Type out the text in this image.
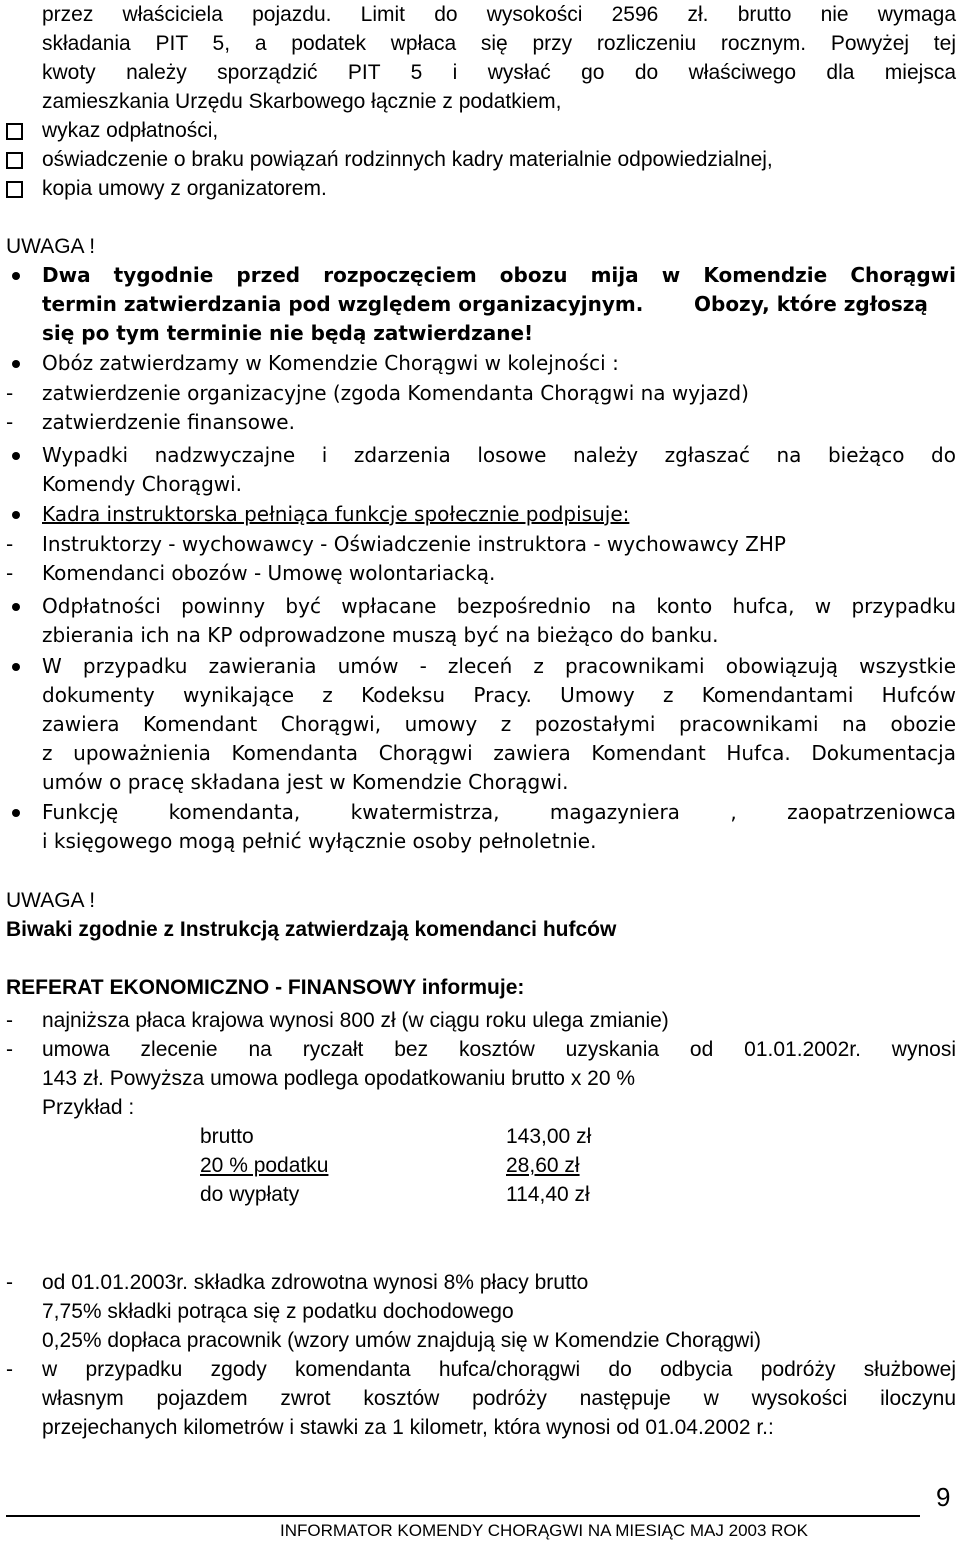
przez właściciela pojazdu. Limit do wysokości 2596 zł. brutto nie wymaga
składania PIT 5, a podatek wpłaca się przy rozliczeniu rocznym. Powyżej tej
kwoty należy sporządzić PIT 5 i wysłać go do właściwego dla miejsca
zamieszkania Urzędu Skarbowego łącznie z podatkiem,
wykaz odpłatności,
oświadczenie o braku powiązań rodzinnych kadry materialnie odpowiedzialnej,
kopia umowy z organizatorem.
UWAGA !
Dwa tygodnie przed rozpoczęciem obozu mija w Komendzie Chorągwi
termin zatwierdzania pod względem organizacyjnym.	Obozy, które zgłoszą
się po tym terminie nie będą zatwierdzane!
Obóz zatwierdzamy w Komendzie Chorągwi w kolejności :
- zatwierdzenie organizacyjne (zgoda Komendanta Chorągwi na wyjazd)
- zatwierdzenie finansowe.
Wypadki nadzwyczajne i zdarzenia losowe należy zgłaszać na bieżąco do
Komendy Chorągwi.
Kadra instruktorska pełniąca funkcje społecznie podpisuje:
- Instruktorzy - wychowawcy - Oświadczenie instruktora - wychowawcy ZHP
- Komendanci obozów - Umowę wolontariacką.
Odpłatności powinny być wpłacane bezpośrednio na konto hufca, w przypadku
zbierania ich na KP odprowadzone muszą być na bieżąco do banku.
W przypadku zawierania umów - zleceń z pracownikami obowiązują wszystkie
dokumenty wynikające z Kodeksu Pracy. Umowy z Komendantami Hufców
zawiera Komendant Chorągwi, umowy z pozostałymi pracownikami na obozie
z upoważnienia Komendanta Chorągwi zawiera Komendant Hufca. Dokumentacja
umów o pracę składana jest w Komendzie Chorągwi.
Funkcję komendanta, kwatermistrza, magazyniera , zaopatrzeniowca
i księgowego mogą pełnić wyłącznie osoby pełnoletnie.
UWAGA !
Biwaki zgodnie z Instrukcją zatwierdzają komendanci hufców
REFERAT EKONOMICZNO - FINANSOWY informuje:
- najniższa płaca krajowa wynosi 800 zł (w ciągu roku ulega zmianie)
- umowa zlecenie na ryczałt bez kosztów uzyskania od 01.01.2002r. wynosi
143 zł. Powyższa umowa podlega opodatkowaniu brutto x 20 %
Przykład :
brutto	143,00 zł
20 % podatku	28,60 zł
do wypłaty	114,40 zł
- od 01.01.2003r. składka zdrowotna wynosi 8% płacy brutto
7,75% składki potrąca się z podatku dochodowego
0,25% dopłaca pracownik (wzory umów znajdują się w Komendzie Chorągwi)
- w przypadku zgody komendanta hufca/chorągwi do odbycia podróży służbowej
własnym pojazdem zwrot kosztów podróży następuje w wysokości iloczynu
przejechanych kilometrów i stawki za 1 kilometr, która wynosi od 01.04.2002 r.:
9
INFORMATOR KOMENDY CHORĄGWI NA MIESIĄC MAJ 2003 ROK
